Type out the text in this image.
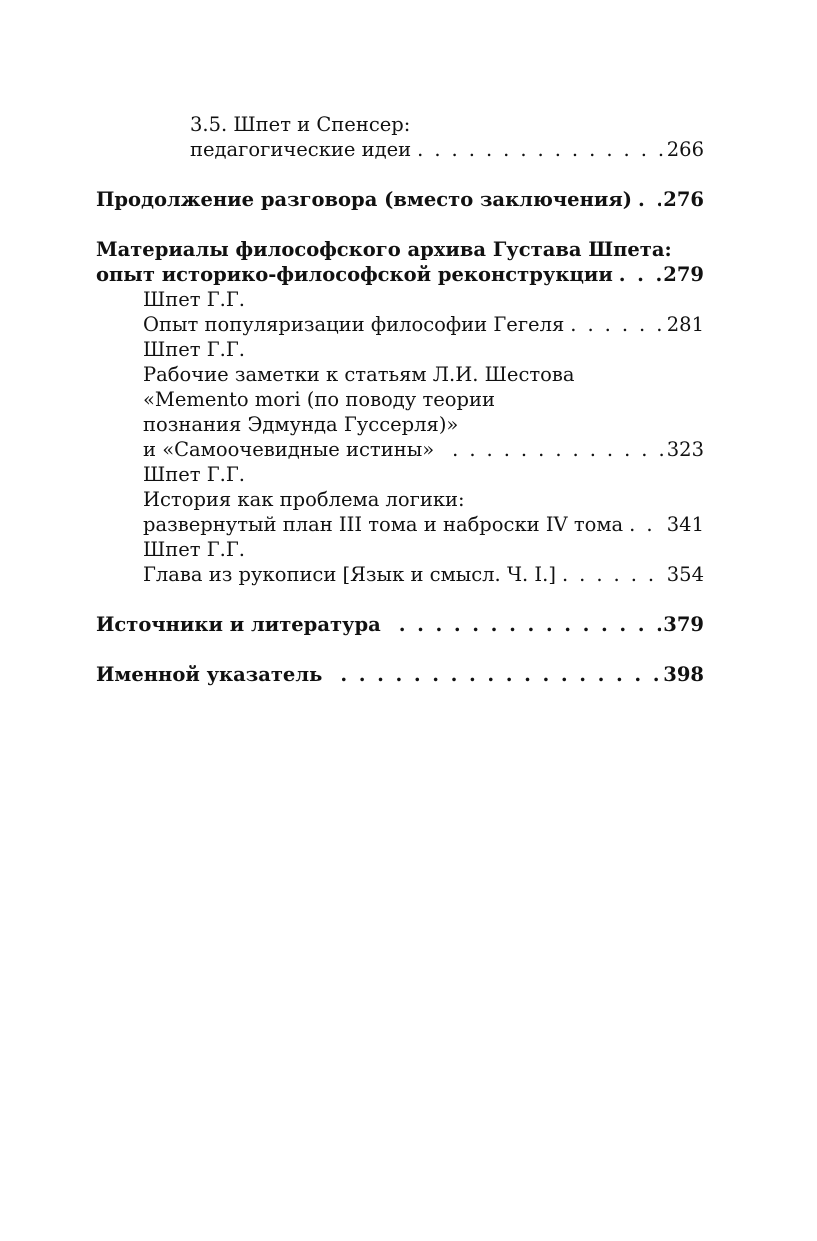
3.5. Шпет и Спенсер:
педагогические идеи . . .	266
Продолжение разговора (вместо заключения) . . . 276
Материалы философского архива Густава Шпета:
опыт историко-философской реконструкции . . .	279
Шпет Г.Г.
Опыт популяризации философии Гегеля . . .	281
Шпет Г.Г.
Рабочие заметки к статьям Л.И. Шестова
«Memento mori (по поводу теории
познания Эдмунда Гуссерля)»
и «Самоочевидные истины» . . .	323
Шпет Г.Г.
История как проблема логики:
развернутый план III тома и наброски IV тома . . . 341
Шпет Г.Г.
Глава из рукописи [Язык и смысл. Ч. I.] . . .	354
Источники и литература . . .	379
Именной указатель . . .	398
